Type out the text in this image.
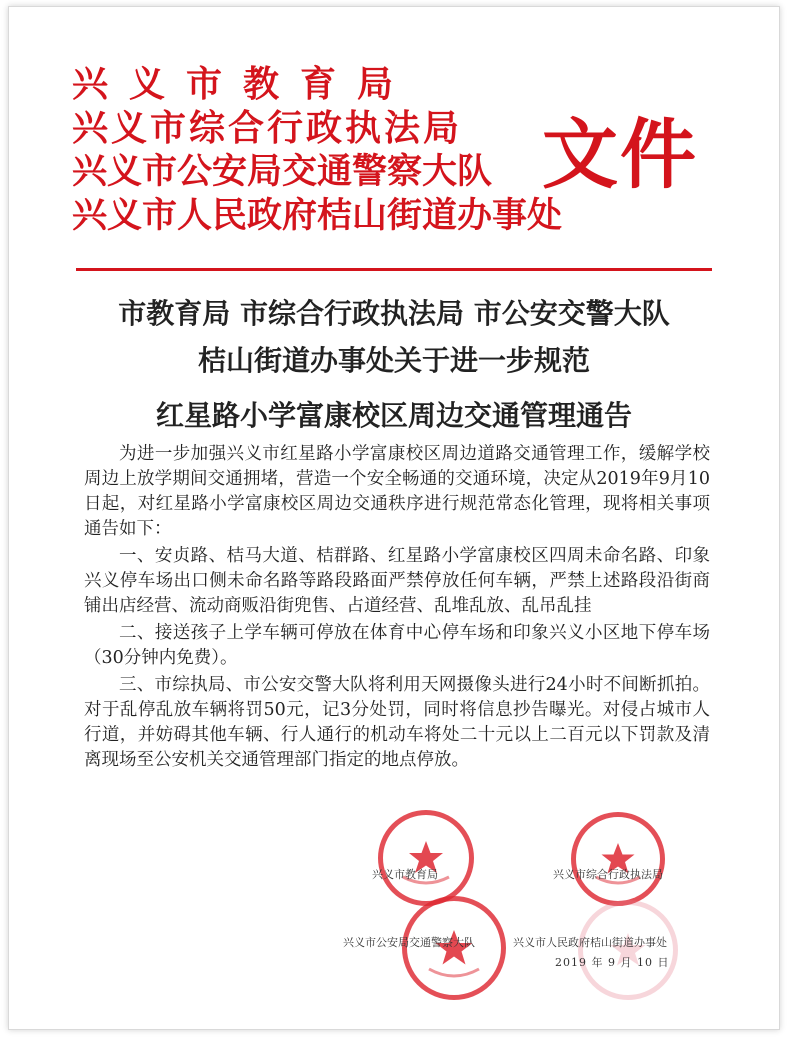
兴义市教育局
兴义市综合行政执法局
兴义市公安局交通警察大队
兴义市人民政府桔山街道办事处
文件
市教育局 市综合行政执法局 市公安交警大队
桔山街道办事处关于进一步规范
红星路小学富康校区周边交通管理通告

为进一步加强兴义市红星路小学富康校区周边道路交通管理工作，缓解学校周边上放学期间交通拥堵，营造一个安全畅通的交通环境，决定从2019年9月10日起，对红星路小学富康校区周边交通秩序进行规范常态化管理，现将相关事项通告如下：

一、安贞路、桔马大道、桔群路、红星路小学富康校区四周未命名路、印象兴义停车场出口侧未命名路等路段路面严禁停放任何车辆，严禁上述路段沿街商铺出店经营、流动商贩沿街兜售、占道经营、乱堆乱放、乱吊乱挂

二、接送孩子上学车辆可停放在体育中心停车场和印象兴义小区地下停车场（30分钟内免费）。

三、市综执局、市公安交警大队将利用天网摄像头进行24小时不间断抓拍。对于乱停乱放车辆将罚50元，记3分处罚，同时将信息抄告曝光。对侵占城市人行道，并妨碍其他车辆、行人通行的机动车将处二十元以上二百元以下罚款及清离现场至公安机关交通管理部门指定的地点停放。

兴义市教育局	兴义市综合行政执法局
兴义市公安局交通警察大队	兴义市人民政府桔山街道办事处
2019 年 9 月 10 日
